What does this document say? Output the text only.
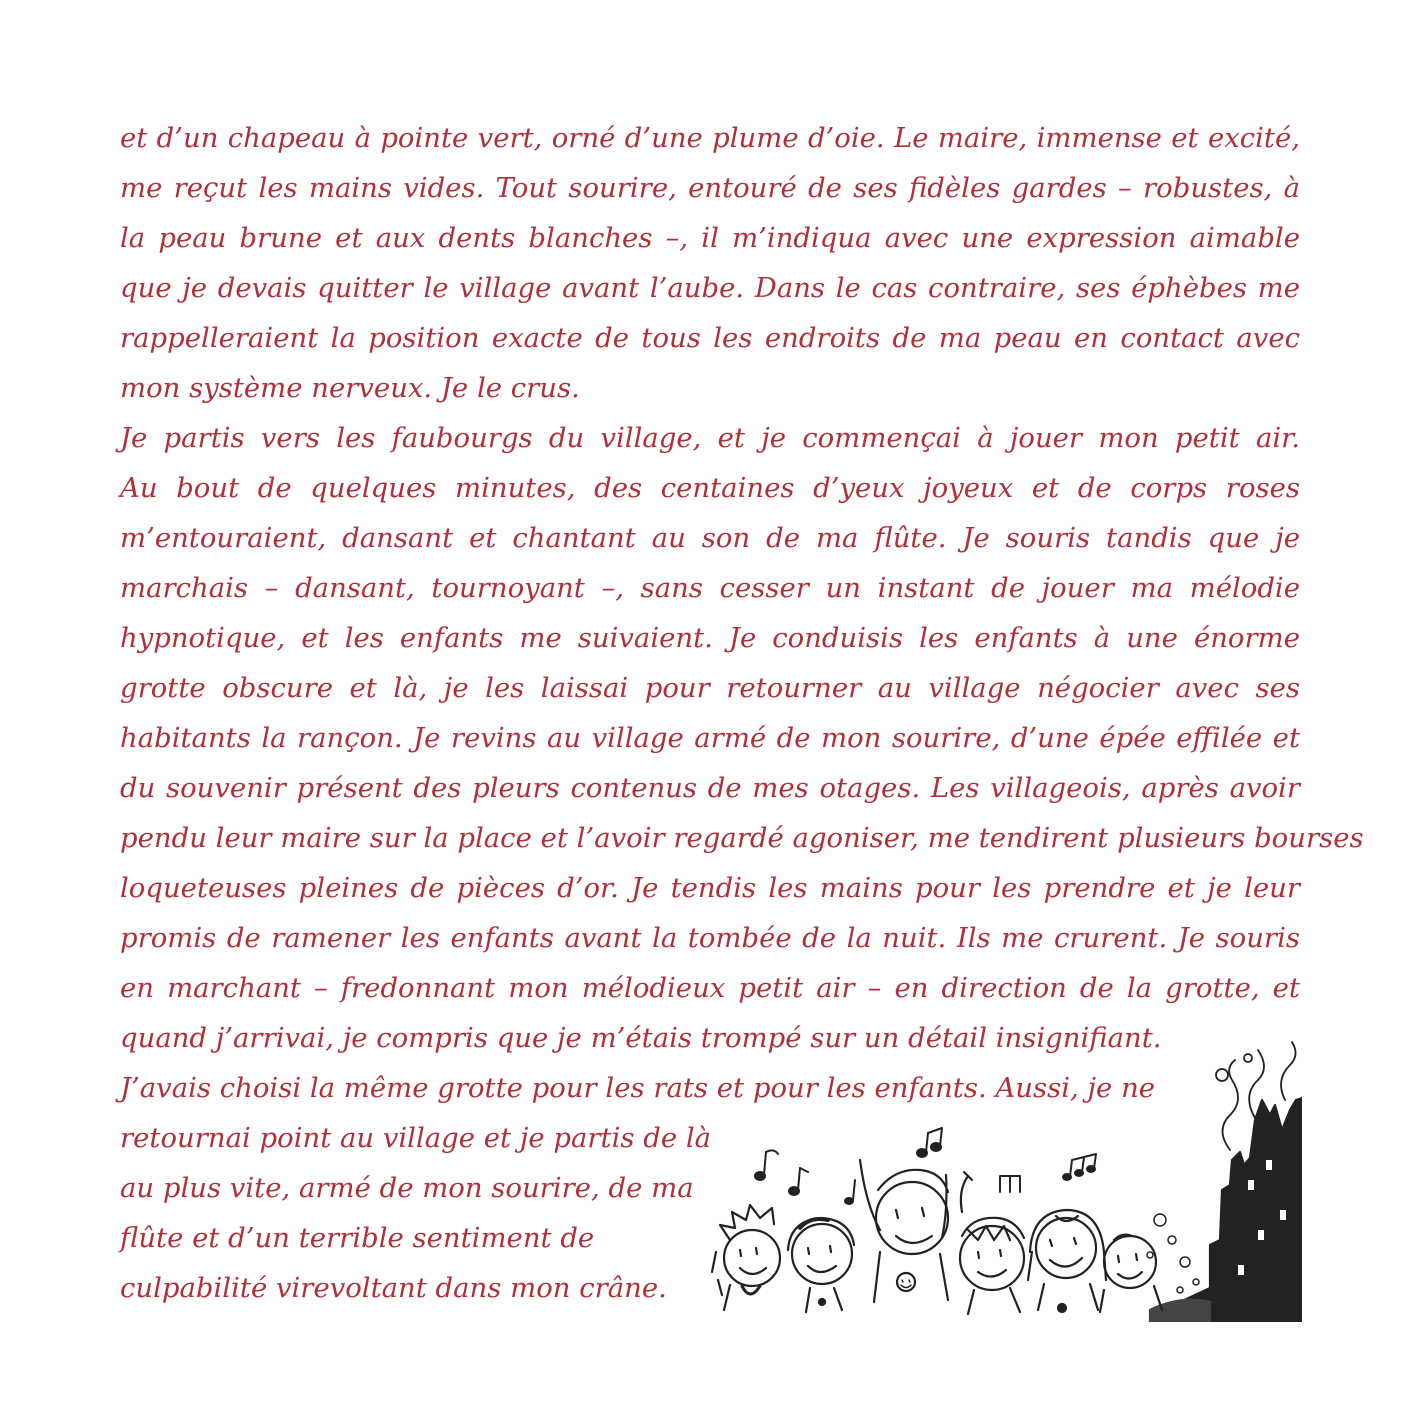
et d’un chapeau à pointe vert, orné d’une plume d’oie. Le maire, immense et excité,
me reçut les mains vides. Tout sourire, entouré de ses fidèles gardes – robustes, à
la peau brune et aux dents blanches –, il m’indiqua avec une expression aimable
que je devais quitter le village avant l’aube. Dans le cas contraire, ses éphèbes me
rappelleraient la position exacte de tous les endroits de ma peau en contact avec
mon système nerveux. Je le crus.
Je partis vers les faubourgs du village, et je commençai à jouer mon petit air.
Au bout de quelques minutes, des centaines d’yeux joyeux et de corps roses
m’entouraient, dansant et chantant au son de ma flûte. Je souris tandis que je
marchais – dansant, tournoyant –, sans cesser un instant de jouer ma mélodie
hypnotique, et les enfants me suivaient. Je conduisis les enfants à une énorme
grotte obscure et là, je les laissai pour retourner au village négocier avec ses
habitants la rançon. Je revins au village armé de mon sourire, d’une épée effilée et
du souvenir présent des pleurs contenus de mes otages. Les villageois, après avoir
pendu leur maire sur la place et l’avoir regardé agoniser, me tendirent plusieurs bourses
loqueteuses pleines de pièces d’or. Je tendis les mains pour les prendre et je leur
promis de ramener les enfants avant la tombée de la nuit. Ils me crurent. Je souris
en marchant – fredonnant mon mélodieux petit air – en direction de la grotte, et
quand j’arrivai, je compris que je m’étais trompé sur un détail insignifiant.
J’avais choisi la même grotte pour les rats et pour les enfants. Aussi, je ne
retournai point au village et je partis de là
au plus vite, armé de mon sourire, de ma
flûte et d’un terrible sentiment de
culpabilité virevoltant dans mon crâne.
